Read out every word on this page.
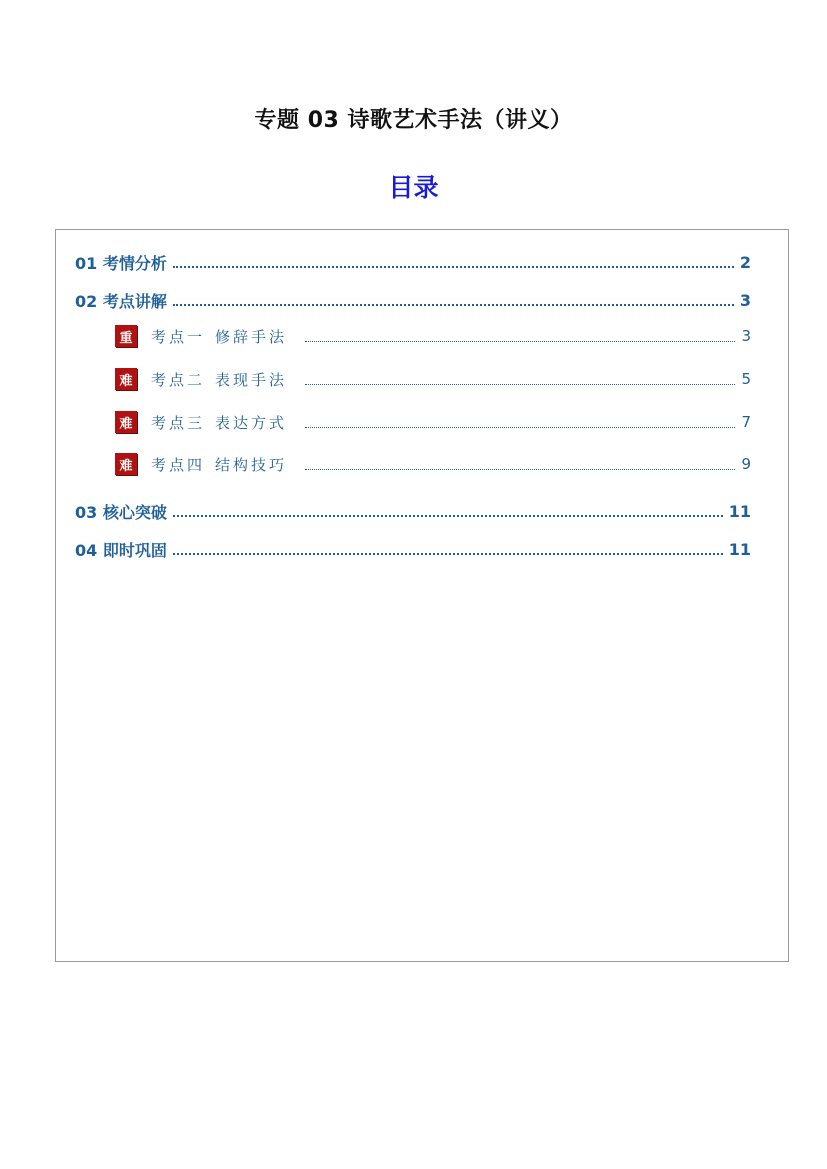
专题 03 诗歌艺术手法（讲义）
目录
01 考情分析	2
02 考点讲解	3
重	考点一 修辞手法	3
难	考点二 表现手法	5
难	考点三 表达方式	7
难	考点四 结构技巧	9
03 核心突破	11
04 即时巩固	11
